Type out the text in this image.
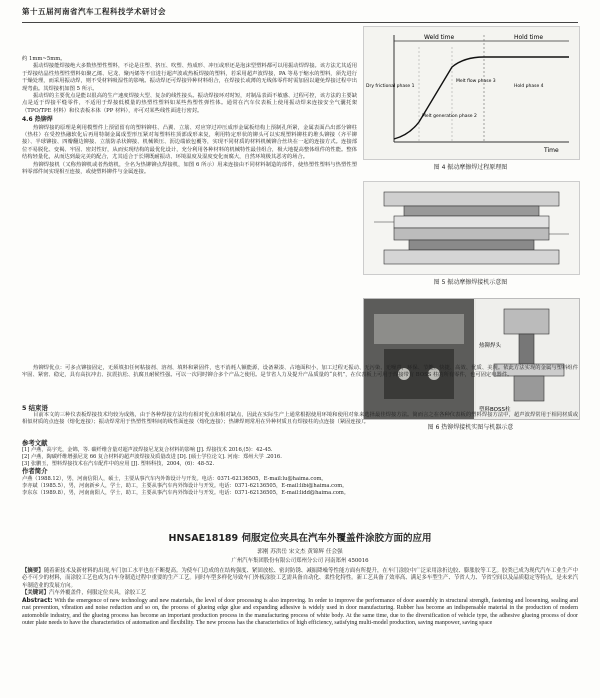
第十五届河南省汽车工程科技学术研讨会

约 1mm~5mm。

振动焊接能焊接绝大多数热塑性塑料，不论是注塑、挤压、吹塑、热成形、冲压或形还是泡沫型塑料都可以用振动焊焊接。该方法尤其适用于焊接结晶性热塑性塑料如聚乙烯、尼龙、聚丙烯等不宜进行超声波或热板焊接的塑料，若采用超声波焊接，PA 等易于缩水的塑料，须先进行干燥处理，而采用振动焊，则不受材料吸湿性的影响。振动焊还可焊接异种材料组合，在焊接长或薄的无线体零件时需加固以避免焊接过程中出现弯曲。其焊接机如图 5 所示。

振动焊的主要优点是能以很高的生产速度焊接大型、复杂的线性接头。振动焊接环对时短，对制品表面不敏感、过程可控，该方法的主要缺点是适于焊接平缝零件，不适用于焊接低模量的热塑性塑料如某些热塑性弹性体。通常在汽车仪表板上使用振动焊来连接安全气囊托架（TPO/TPE 材料）和仪表板本体（PP 材料），亦可对某些线性面进行密封。

4.6 热铆焊

热铆焊接的原理是利用模塑件上预留留有的塑料铆柱、凸翼、立筋、对应穿过冲压成形金属板结构上预制孔所紧，金属表面凸出部分铆柱（热柱）在受控热融软化后再用特制金属成型形压紧对每塑料柱顶部成形来复，利用特定形状的铆头可以实现塑料铆柱的堆头铆接（齐平铆接）、半球铆接、四瓣翻边铆接、立筋防杀状铆接、机械锁压、沥边端嵌包覆等，实现不同材质的材料机械铆合丝块在一起的连接方式。连接部位不易脱化、变褐、牢固、密封性好，从而实现结构的最优化设计，充分利用各种材料的机械特性最佳组合，极大地提高整体组件的性能。整体结构轻量化，从而达到最完美的配合，尤其适合于长期既耐振动、环境温度及湿度变化而腐大，自然环境极其恶劣的场合。

热铆焊接机（又称热铆机或者热熔机，全名为热铆铆点焊接机，如图 6 所示）用来连接由不同材料制造的部件，使热塑性塑料与热塑性塑料零部件间实现相互连接，或使塑料铆件与金属连接。

Weld time	Hold time
Dry frictional phase 1
Melt generation phase 2
Melt flow phase 3
Hold phase 4
Time
图 4 振动摩擦焊过程原理图
图 5 振动摩擦焊接机示意图
热铆焊头
塑料BOSS柱
图 6 热铆焊接机实图与机器示意

热铆焊优点：可多点铆接固定，无须填扣任何粘接剂、溶剂、填料和紧固件，也不消耗人额能源，设备紧凑、占地面积小，加工过程无振动、无污染、无噪声，环保、节能、快捷、高效、优质、美观。依此方法实现的金属与塑料组件牢固、紧密、稳定，具有高抗冲击、抗震抗松、抗腐且耐候性强。可以一次同时铆合多个产品之使用。是节省人力及提升产品质量的“良机”，在仪表板上可用于焊接带有 BOSS 柱的所有零件，也可固定电器件。

5 结束语

目前本文的三种仪表板焊接技术均较为成熟，由于各种焊接方法均有相对优点和相对缺点，因此在实际生产上通常根据使用环境和使用对象来选择最佳焊接方法。简而言之在各种仪表板的塑料焊接方法中，超声波焊常用于相同材质或相似材质的点连接（熔化连接）；振动焊常用于热塑性塑料间的线性面连接（熔化连接）；热铆焊则常用在异种材质且有焊接柱的点连接（紧固连接）。

参考文献
[1] 卢燕，高宇光，金锦，等. 碳纤维含量对超声波焊接尼龙复合材料的影响 [J]. 焊接技术 2016,(5)：42-45.
[2] 卢燕，陶碳纤维增强尼龙 66 复合材料的超声波焊接及质量改进 [D]. [硕士学位论文]. 河南：郑州大学 .2016.
[3] 张鹏玉，塑料焊接技术在汽车配件中的应用 [J]. 塑料科技，2004，(6)：48-52.
作者简介
卢燕（1988.12），男，河南信阳人，硕士，主要从事汽车内外饰设计与开发。电话：0371-62136505，E-mail:lu@haima.com。
李亦斌（1985.5），男，河南新乡人，学士，助工，主要从事汽车内外饰设计与开发。电话：0371-62136505，E-mail:libi@haima.com。
李东东（1989.8），男，河南南阳人，学士，助工，主要从事汽车内外饰设计与开发。电话：0371-62136505，E-mail:lidd@haima.com。
HNSAE18189 伺服定位夹具在汽车外覆盖件涂胶方面的应用
郭刚 苏洪岳 宋文杰 黄锦辉 任会强
广州汽车集团股份有限公司郑州分公司 河南郑州 450016
【摘要】随着新技术及新材料的出现,车门加工水平也在不断提高。为使车门总成的在结构强度、紧固放松、密封防锈、减振降噪等性能方面有所提升，在车门涂胶中广泛采用涂折边胶、膨胀胶等工艺。胶类已成为现代汽车工业生产中必不可少的材料，而涂胶工艺也成为白车身制造过程中重要的生产工艺。同时车型多样化导致车门外板涂胶工艺需具备自动化、柔性化特性。新工艺具备了效率高、满足多车型生产、节省人力、节省空间以及品质稳定等特点，是未来汽车制造业的发展方向。
【关键词】汽车外覆盖件，伺服定位夹具，涂胶工艺
Abstract: With the emergence of new technology and new materials, the level of door processing is also improving. In order to improve the performance of door assembly in structural strength, fastening and loosening, sealing and rust prevention, vibration and noise reduction and so on, the process of glueing edge glue and expanding adhesive is widely used in door manufacturing. Rubber has become an indispensable material in the production of modern automobile industry, and the glueing process has become an important production process in the manufacturing process of white body. At the same time, due to the diversification of vehicle type, the adhesive glueing process of door outer plate needs to have the characteristics of automation and flexibility. The new process has the characteristics of high efficiency, satisfying multi-model production, saving manpower, saving space
